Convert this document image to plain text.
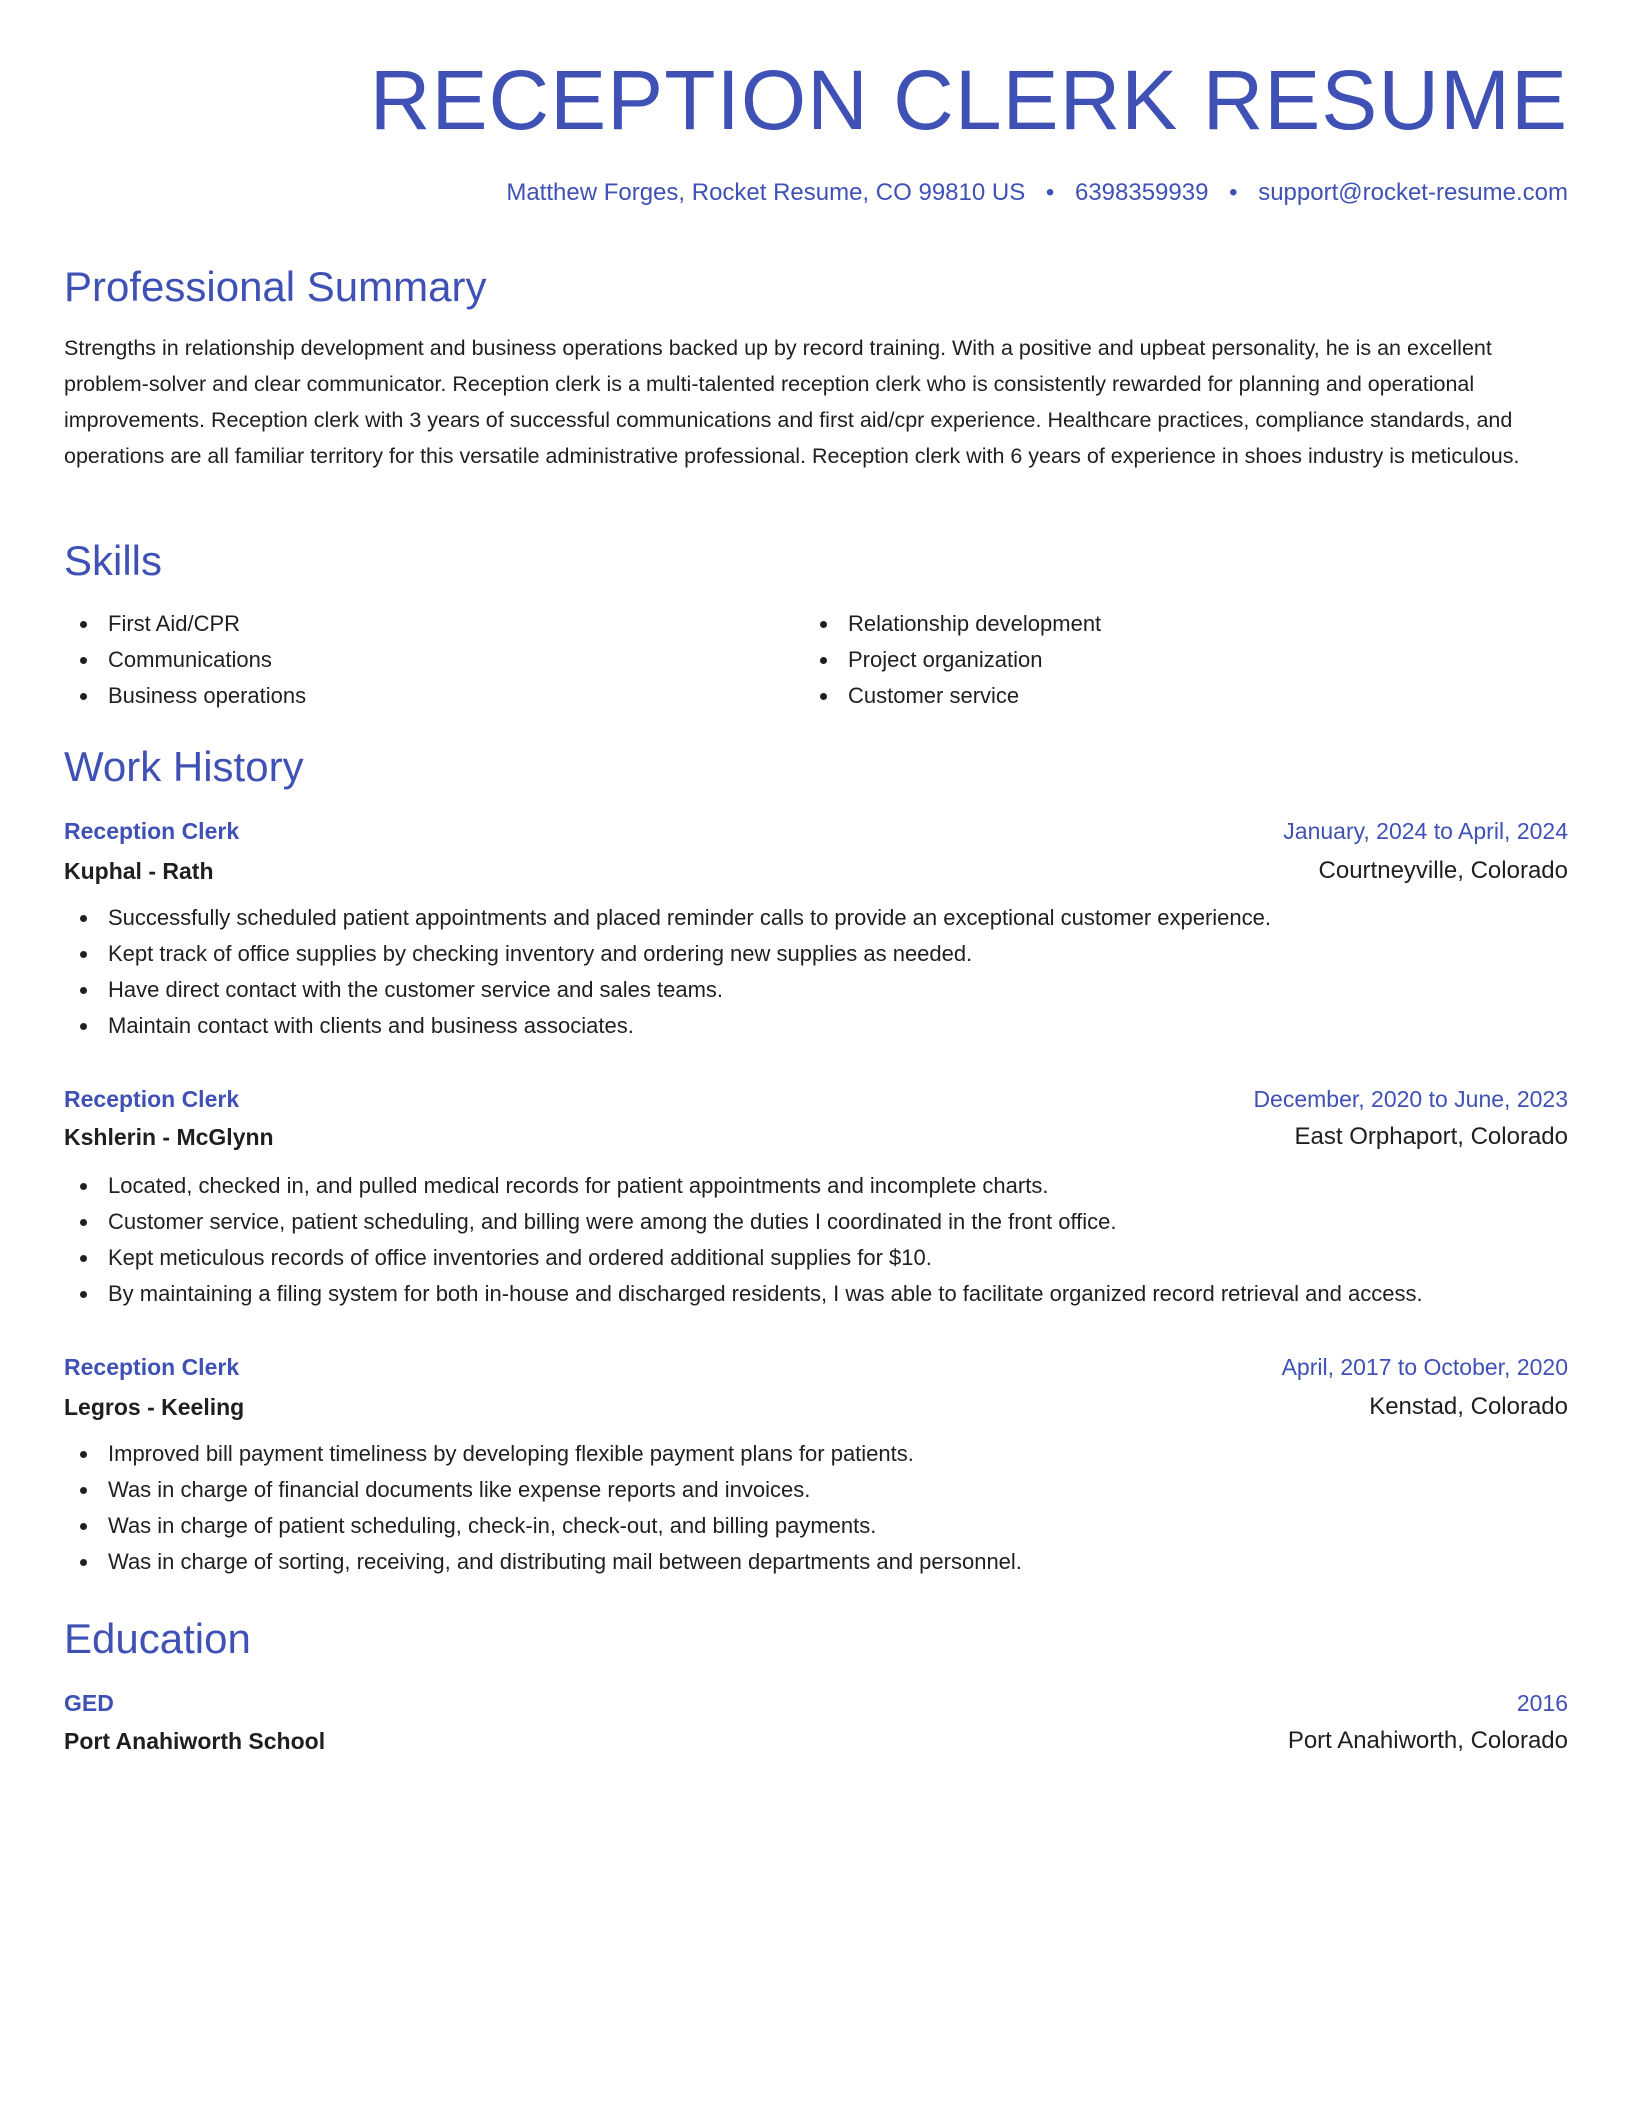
RECEPTION CLERK RESUME
Matthew Forges, Rocket Resume, CO 99810 US • 6398359939 • support@rocket-resume.com
Professional Summary

Strengths in relationship development and business operations backed up by record training. With a positive and upbeat personality, he is an excellent problem-solver and clear communicator. Reception clerk is a multi-talented reception clerk who is consistently rewarded for planning and operational improvements. Reception clerk with 3 years of successful communications and first aid/cpr experience. Healthcare practices, compliance standards, and operations are all familiar territory for this versatile administrative professional. Reception clerk with 6 years of experience in shoes industry is meticulous.

Skills
First Aid/CPR
Communications
Business operations
Relationship development
Project organization
Customer service
Work History
Reception Clerk	January, 2024 to April, 2024
Kuphal - Rath	Courtneyville, Colorado
Successfully scheduled patient appointments and placed reminder calls to provide an exceptional customer experience.
Kept track of office supplies by checking inventory and ordering new supplies as needed.
Have direct contact with the customer service and sales teams.
Maintain contact with clients and business associates.
Reception Clerk	December, 2020 to June, 2023
Kshlerin - McGlynn	East Orphaport, Colorado
Located, checked in, and pulled medical records for patient appointments and incomplete charts.
Customer service, patient scheduling, and billing were among the duties I coordinated in the front office.
Kept meticulous records of office inventories and ordered additional supplies for $10.
By maintaining a filing system for both in-house and discharged residents, I was able to facilitate organized record retrieval and access.
Reception Clerk	April, 2017 to October, 2020
Legros - Keeling	Kenstad, Colorado
Improved bill payment timeliness by developing flexible payment plans for patients.
Was in charge of financial documents like expense reports and invoices.
Was in charge of patient scheduling, check-in, check-out, and billing payments.
Was in charge of sorting, receiving, and distributing mail between departments and personnel.
Education
GED	2016
Port Anahiworth School	Port Anahiworth, Colorado
